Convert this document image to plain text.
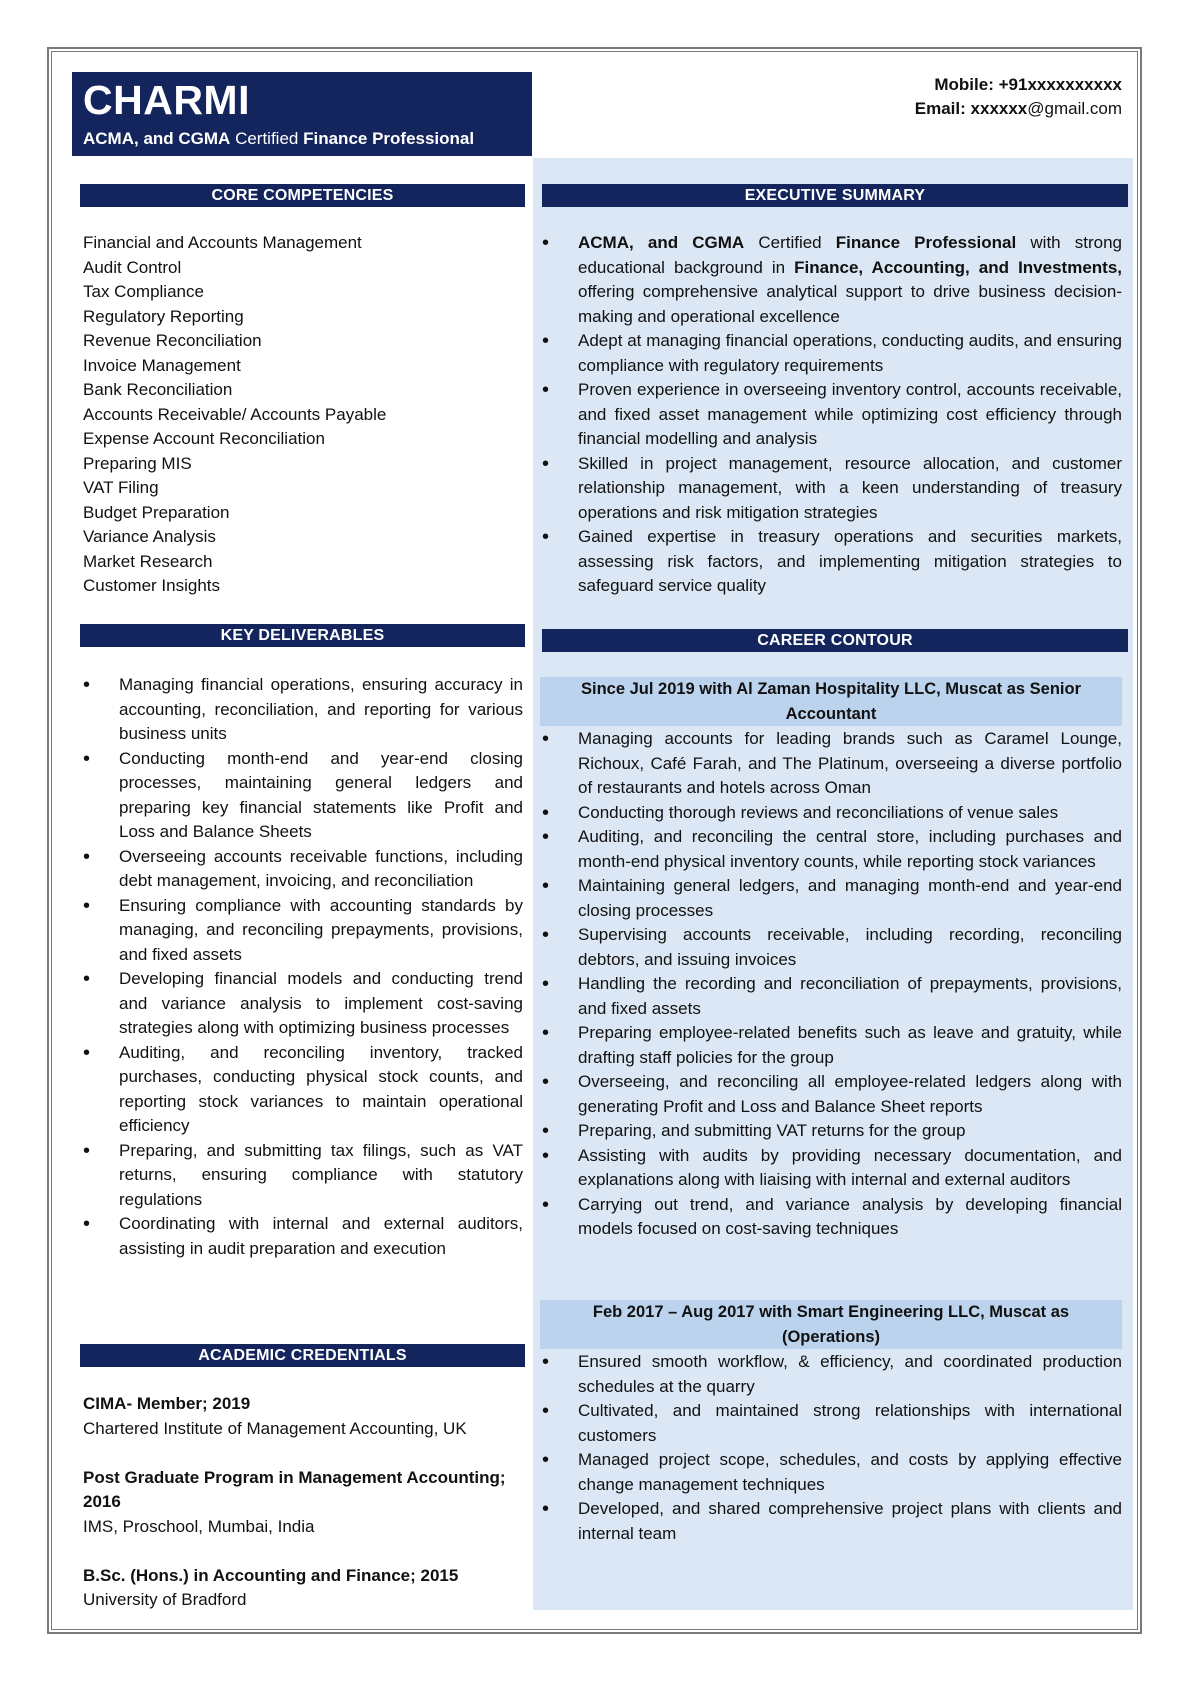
CHARMI
ACMA, and CGMA Certified Finance Professional
Mobile: +91xxxxxxxxxx
Email: xxxxxx@gmail.com
CORE COMPETENCIES
Financial and Accounts Management
Audit Control
Tax Compliance
Regulatory Reporting
Revenue Reconciliation
Invoice Management
Bank Reconciliation
Accounts Receivable/ Accounts Payable
Expense Account Reconciliation
Preparing MIS
VAT Filing
Budget Preparation
Variance Analysis
Market Research
Customer Insights
KEY DELIVERABLES
• Managing financial operations, ensuring accuracy in accounting, reconciliation, and reporting for various business units
• Conducting month-end and year-end closing processes, maintaining general ledgers and preparing key financial statements like Profit and Loss and Balance Sheets
• Overseeing accounts receivable functions, including debt management, invoicing, and reconciliation
• Ensuring compliance with accounting standards by managing, and reconciling prepayments, provisions, and fixed assets
• Developing financial models and conducting trend and variance analysis to implement cost-saving strategies along with optimizing business processes
• Auditing, and reconciling inventory, tracked purchases, conducting physical stock counts, and reporting stock variances to maintain operational efficiency
• Preparing, and submitting tax filings, such as VAT returns, ensuring compliance with statutory regulations
• Coordinating with internal and external auditors, assisting in audit preparation and execution
ACADEMIC CREDENTIALS
CIMA- Member; 2019
Chartered Institute of Management Accounting, UK
Post Graduate Program in Management Accounting; 2016
IMS, Proschool, Mumbai, India
B.Sc. (Hons.) in Accounting and Finance; 2015
University of Bradford
EXECUTIVE SUMMARY
• ACMA, and CGMA Certified Finance Professional with strong educational background in Finance, Accounting, and Investments, offering comprehensive analytical support to drive business decision-making and operational excellence
• Adept at managing financial operations, conducting audits, and ensuring compliance with regulatory requirements
• Proven experience in overseeing inventory control, accounts receivable, and fixed asset management while optimizing cost efficiency through financial modelling and analysis
• Skilled in project management, resource allocation, and customer relationship management, with a keen understanding of treasury operations and risk mitigation strategies
• Gained expertise in treasury operations and securities markets, assessing risk factors, and implementing mitigation strategies to safeguard service quality
CAREER CONTOUR
Since Jul 2019 with Al Zaman Hospitality LLC, Muscat as Senior Accountant
• Managing accounts for leading brands such as Caramel Lounge, Richoux, Café Farah, and The Platinum, overseeing a diverse portfolio of restaurants and hotels across Oman
• Conducting thorough reviews and reconciliations of venue sales
• Auditing, and reconciling the central store, including purchases and month-end physical inventory counts, while reporting stock variances
• Maintaining general ledgers, and managing month-end and year-end closing processes
• Supervising accounts receivable, including recording, reconciling debtors, and issuing invoices
• Handling the recording and reconciliation of prepayments, provisions, and fixed assets
• Preparing employee-related benefits such as leave and gratuity, while drafting staff policies for the group
• Overseeing, and reconciling all employee-related ledgers along with generating Profit and Loss and Balance Sheet reports
• Preparing, and submitting VAT returns for the group
• Assisting with audits by providing necessary documentation, and explanations along with liaising with internal and external auditors
• Carrying out trend, and variance analysis by developing financial models focused on cost-saving techniques
Feb 2017 – Aug 2017 with Smart Engineering LLC, Muscat as (Operations)
• Ensured smooth workflow, & efficiency, and coordinated production schedules at the quarry
• Cultivated, and maintained strong relationships with international customers
• Managed project scope, schedules, and costs by applying effective change management techniques
• Developed, and shared comprehensive project plans with clients and internal team
